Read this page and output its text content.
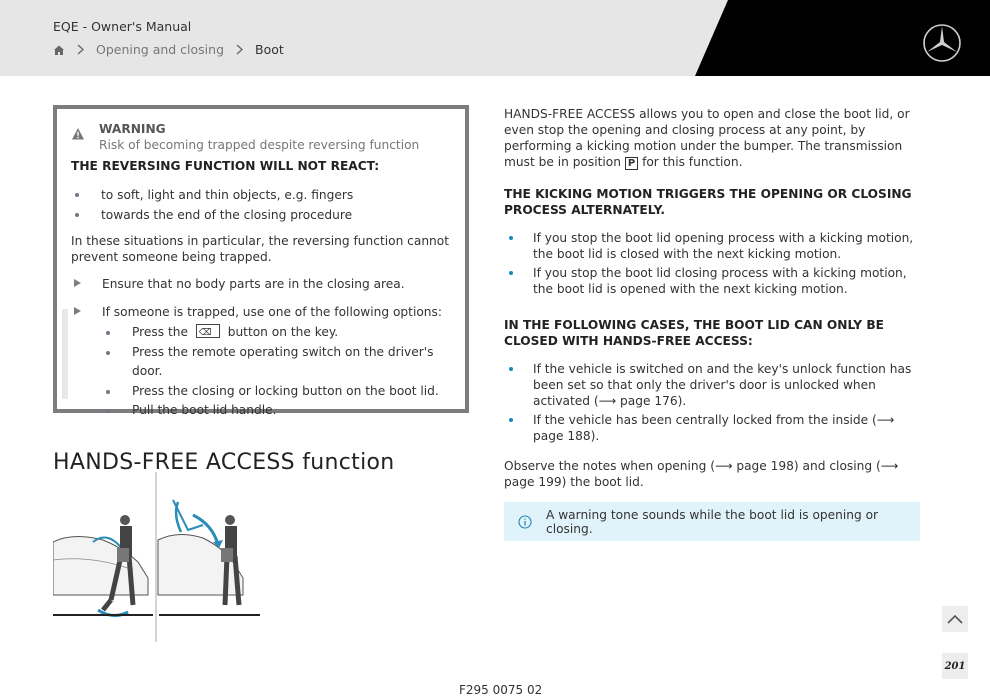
EQE - Owner's Manual
Opening and closing Boot
WARNING
Risk of becoming trapped despite reversing function
THE REVERSING FUNCTION WILL NOT REACT:
to soft, light and thin objects, e.g. fingers
towards the end of the closing procedure
In these situations in particular, the reversing function cannot prevent someone being trapped.
Ensure that no body parts are in the closing area.
If someone is trapped, use one of the following options:
Press the ⌫ button on the key.
Press the remote operating switch on the driver's door.
Press the closing or locking button on the boot lid.
Pull the boot lid handle.
HANDS-FREE ACCESS function

HANDS-FREE ACCESS allows you to open and close the boot lid, or even stop the opening and closing process at any point, by performing a kicking motion under the bumper. The transmission must be in position P for this function.

THE KICKING MOTION TRIGGERS THE OPENING OR CLOSING PROCESS ALTERNATELY.

If you stop the boot lid opening process with a kicking motion, the boot lid is closed with the next kicking motion.
If you stop the boot lid closing process with a kicking motion, the boot lid is opened with the next kicking motion.

IN THE FOLLOWING CASES, THE BOOT LID CAN ONLY BE CLOSED WITH HANDS-FREE ACCESS:

If the vehicle is switched on and the key's unlock function has been set so that only the driver's door is unlocked when activated (⟶ page 176).
If the vehicle has been centrally locked from the inside (⟶ page 188).

Observe the notes when opening (⟶ page 198) and closing (⟶ page 199) the boot lid.

A warning tone sounds while the boot lid is opening or closing.
201
F295 0075 02
